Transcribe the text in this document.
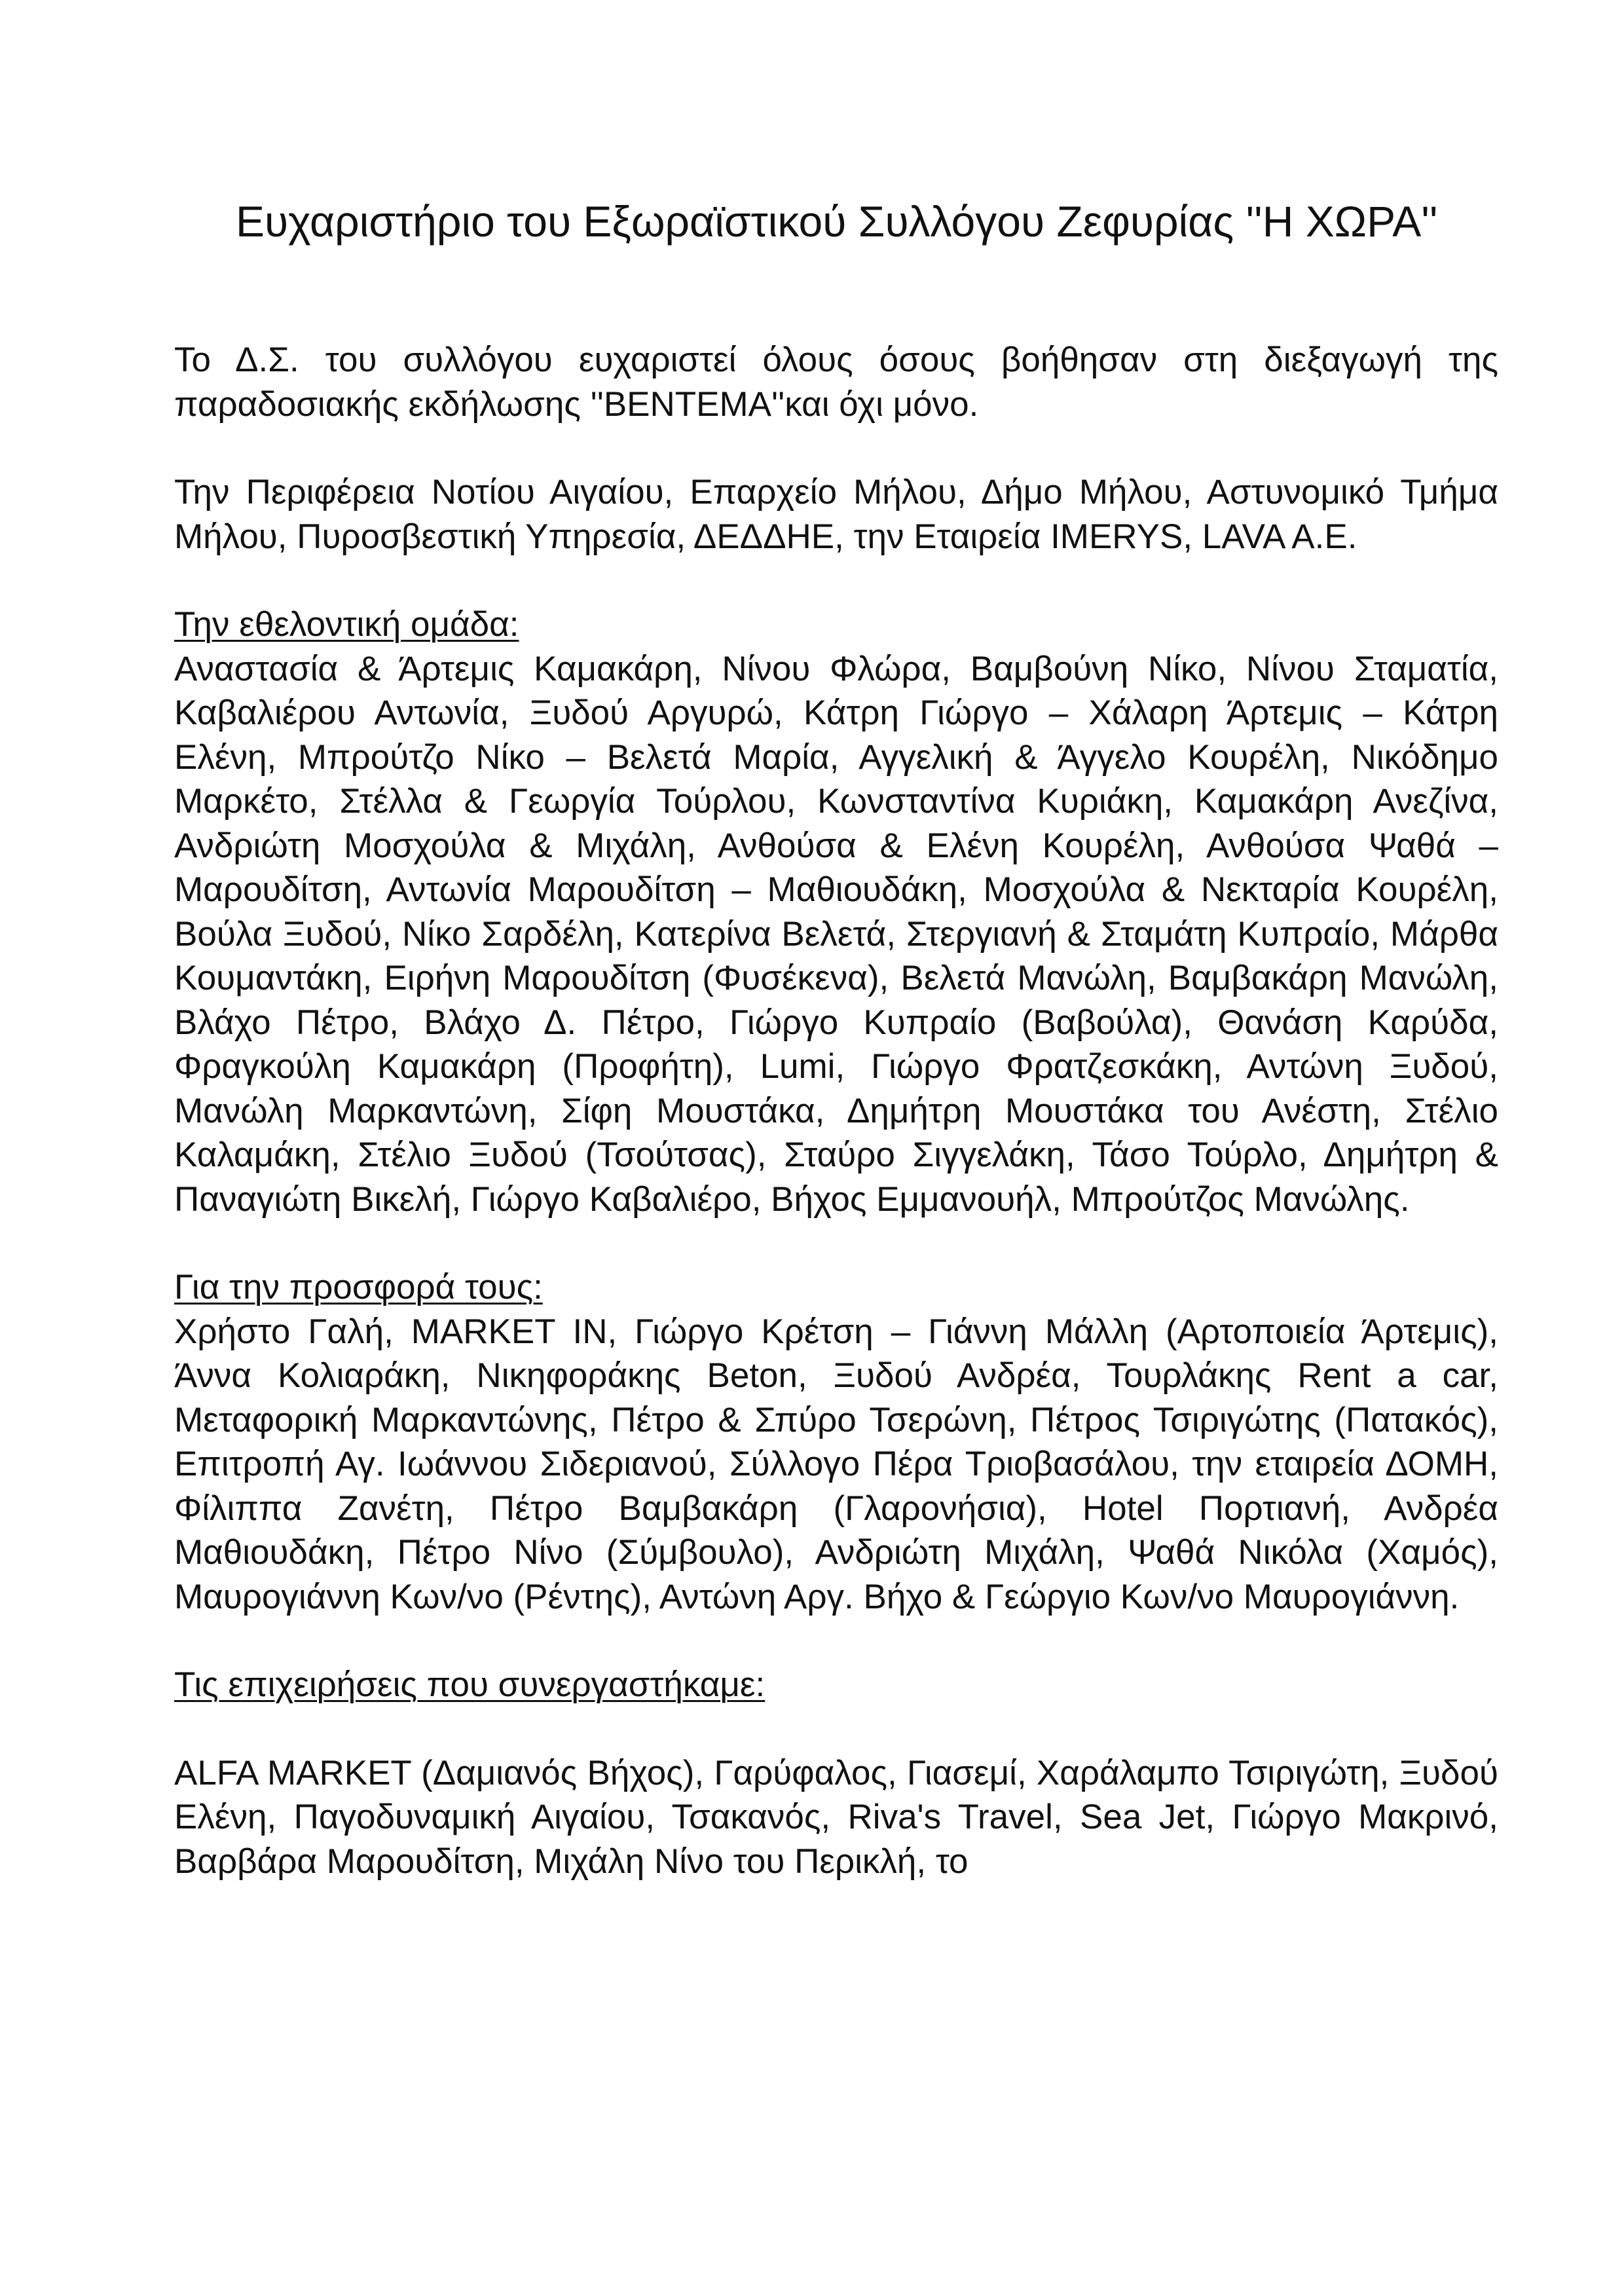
Ευχαριστήριο του Εξωραϊστικού Συλλόγου Ζεφυρίας ''Η ΧΩΡΑ''

Το Δ.Σ. του συλλόγου ευχαριστεί όλους όσους βοήθησαν στη διεξαγωγή της παραδοσιακής εκδήλωσης ''ΒΕΝΤΕΜΑ''και όχι μόνο.

Την Περιφέρεια Νοτίου Αιγαίου, Επαρχείο Μήλου, Δήμο Μήλου, Αστυνομικό Τμήμα Μήλου, Πυροσβεστική Υπηρεσία, ΔΕΔΔΗΕ, την Εταιρεία IMERYS, LAVA A.E.

Την εθελοντική ομάδα:

Αναστασία & Άρτεμις Καμακάρη, Νίνου Φλώρα, Βαμβούνη Νίκο, Νίνου Σταματία, Καβαλιέρου Αντωνία, Ξυδού Αργυρώ, Κάτρη Γιώργο – Χάλαρη Άρτεμις – Κάτρη Ελένη, Μπρούτζο Νίκο – Βελετά Μαρία, Αγγελική & Άγγελο Κουρέλη, Νικόδημο Μαρκέτο, Στέλλα & Γεωργία Τούρλου, Κωνσταντίνα Κυριάκη, Καμακάρη Ανεζίνα, Ανδριώτη Μοσχούλα & Μιχάλη, Ανθούσα & Ελένη Κουρέλη, Ανθούσα Ψαθά – Μαρουδίτση, Αντωνία Μαρουδίτση – Μαθιουδάκη, Μοσχούλα & Νεκταρία Κουρέλη, Βούλα Ξυδού, Νίκο Σαρδέλη, Κατερίνα Βελετά, Στεργιανή & Σταμάτη Κυπραίο, Μάρθα Κουμαντάκη, Ειρήνη Μαρουδίτση (Φυσέκενα), Βελετά Μανώλη, Βαμβακάρη Μανώλη, Βλάχο Πέτρο, Βλάχο Δ. Πέτρο, Γιώργο Κυπραίο (Βαβούλα), Θανάση Καρύδα, Φραγκούλη Καμακάρη (Προφήτη), Lumi, Γιώργο Φρατζεσκάκη, Αντώνη Ξυδού, Μανώλη Μαρκαντώνη, Σίφη Μουστάκα, Δημήτρη Μουστάκα του Ανέστη, Στέλιο Καλαμάκη, Στέλιο Ξυδού (Τσούτσας), Σταύρο Σιγγελάκη, Τάσο Τούρλο, Δημήτρη & Παναγιώτη Βικελή, Γιώργο Καβαλιέρο, Βήχος Εμμανουήλ, Μπρούτζος Μανώλης.

Για την προσφορά τους:

Χρήστο Γαλή, MARKET IN, Γιώργο Κρέτση – Γιάννη Μάλλη (Αρτοποιεία Άρτεμις), Άννα Κολιαράκη, Νικηφοράκης Beton, Ξυδού Ανδρέα, Τουρλάκης Rent a car, Μεταφορική Μαρκαντώνης, Πέτρο & Σπύρο Τσερώνη, Πέτρος Τσιριγώτης (Πατακός), Επιτροπή Αγ. Ιωάννου Σιδεριανού, Σύλλογο Πέρα Τριοβασάλου, την εταιρεία ΔΟΜΗ, Φίλιππα Ζανέτη, Πέτρο Βαμβακάρη (Γλαρονήσια), Hotel Πορτιανή, Ανδρέα Μαθιουδάκη, Πέτρο Νίνο (Σύμβουλο), Ανδριώτη Μιχάλη, Ψαθά Νικόλα (Χαμός), Μαυρογιάννη Κων/νο (Ρέντης), Αντώνη Αργ. Βήχο & Γεώργιο Κων/νο Μαυρογιάννη.

Τις επιχειρήσεις που συνεργαστήκαμε:

ALFA MARKET (Δαμιανός Βήχος), Γαρύφαλος, Γιασεμί, Χαράλαμπο Τσιριγώτη, Ξυδού Ελένη, Παγοδυναμική Αιγαίου, Τσακανός, Riva's Travel, Sea Jet, Γιώργο Μακρινό, Βαρβάρα Μαρουδίτση, Μιχάλη Νίνο του Περικλή, το
